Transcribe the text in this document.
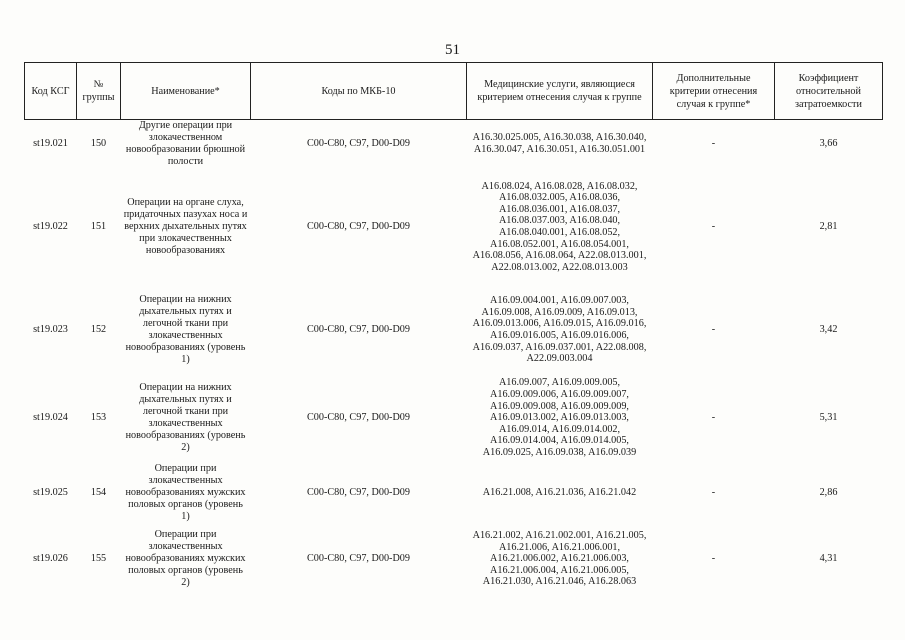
51
Код КСГ	№ группы	Наименование*	Коды по МКБ-10	Медицинские услуги, являющиеся критерием отнесения случая к группе	Дополнительные критерии отнесения случая к группе*	Коэффициент относительной затратоемкости
st19.021	150	Другие операции при злокачественном новообразовании брюшной полости	C00-C80, C97, D00-D09	A16.30.025.005, A16.30.038, A16.30.040, A16.30.047, A16.30.051, A16.30.051.001	-	3,66
st19.022	151	Операции на органе слуха, придаточных пазухах носа и верхних дыхательных путях при злокачественных новообразованиях	C00-C80, C97, D00-D09	A16.08.024, A16.08.028, A16.08.032, A16.08.032.005, A16.08.036, A16.08.036.001, A16.08.037, A16.08.037.003, A16.08.040, A16.08.040.001, A16.08.052, A16.08.052.001, A16.08.054.001, A16.08.056, A16.08.064, A22.08.013.001, A22.08.013.002, A22.08.013.003	-	2,81
st19.023	152	Операции на нижних дыхательных путях и легочной ткани при злокачественных новообразованиях (уровень 1)	C00-C80, C97, D00-D09	A16.09.004.001, A16.09.007.003, A16.09.008, A16.09.009, A16.09.013, A16.09.013.006, A16.09.015, A16.09.016, A16.09.016.005, A16.09.016.006, A16.09.037, A16.09.037.001, A22.08.008, A22.09.003.004	-	3,42
st19.024	153	Операции на нижних дыхательных путях и легочной ткани при злокачественных новообразованиях (уровень 2)	C00-C80, C97, D00-D09	A16.09.007, A16.09.009.005, A16.09.009.006, A16.09.009.007, A16.09.009.008, A16.09.009.009, A16.09.013.002, A16.09.013.003, A16.09.014, A16.09.014.002, A16.09.014.004, A16.09.014.005, A16.09.025, A16.09.038, A16.09.039	-	5,31
st19.025	154	Операции при злокачественных новообразованиях мужских половых органов (уровень 1)	C00-C80, C97, D00-D09	A16.21.008, A16.21.036, A16.21.042	-	2,86
st19.026	155	Операции при злокачественных новообразованиях мужских половых органов (уровень 2)	C00-C80, C97, D00-D09	A16.21.002, A16.21.002.001, A16.21.005, A16.21.006, A16.21.006.001, A16.21.006.002, A16.21.006.003, A16.21.006.004, A16.21.006.005, A16.21.030, A16.21.046, A16.28.063	-	4,31
